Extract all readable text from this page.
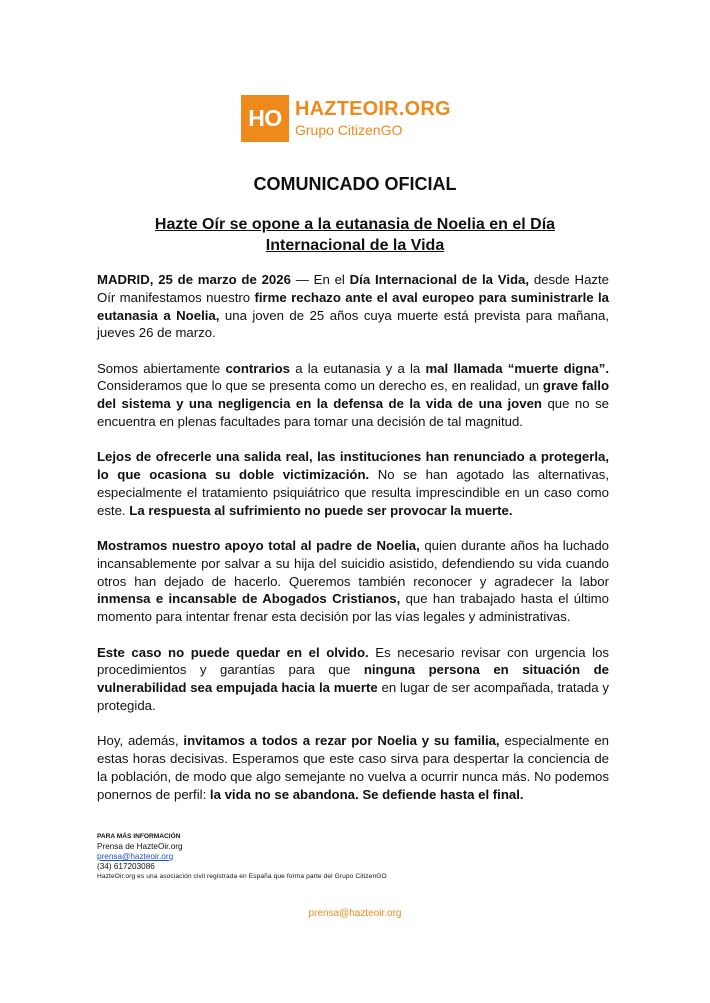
HO HAZTEOIR.ORG
Grupo CitizenGO
COMUNICADO OFICIAL
Hazte Oír se opone a la eutanasia de Noelia en el Día Internacional de la Vida

MADRID, 25 de marzo de 2026 — En el Día Internacional de la Vida, desde Hazte Oír manifestamos nuestro firme rechazo ante el aval europeo para suministrarle la eutanasia a Noelia, una joven de 25 años cuya muerte está prevista para mañana, jueves 26 de marzo.

Somos abiertamente contrarios a la eutanasia y a la mal llamada “muerte digna”. Consideramos que lo que se presenta como un derecho es, en realidad, un grave fallo del sistema y una negligencia en la defensa de la vida de una joven que no se encuentra en plenas facultades para tomar una decisión de tal magnitud.

Lejos de ofrecerle una salida real, las instituciones han renunciado a protegerla, lo que ocasiona su doble victimización. No se han agotado las alternativas, especialmente el tratamiento psiquiátrico que resulta imprescindible en un caso como este. La respuesta al sufrimiento no puede ser provocar la muerte.

Mostramos nuestro apoyo total al padre de Noelia, quien durante años ha luchado incansablemente por salvar a su hija del suicidio asistido, defendiendo su vida cuando otros han dejado de hacerlo. Queremos también reconocer y agradecer la labor inmensa e incansable de Abogados Cristianos, que han trabajado hasta el último momento para intentar frenar esta decisión por las vías legales y administrativas.

Este caso no puede quedar en el olvido. Es necesario revisar con urgencia los procedimientos y garantías para que ninguna persona en situación de vulnerabilidad sea empujada hacia la muerte en lugar de ser acompañada, tratada y protegida.

Hoy, además, invitamos a todos a rezar por Noelia y su familia, especialmente en estas horas decisivas. Esperamos que este caso sirva para despertar la conciencia de la población, de modo que algo semejante no vuelva a ocurrir nunca más. No podemos ponernos de perfil: la vida no se abandona. Se defiende hasta el final.

PARA MÁS INFORMACIÓN
Prensa de HazteOir.org
prensa@hazteoir.org
(34) 617203086
HazteOir.org es una asociación civil registrada en España que forma parte del Grupo CitizenGO
prensa@hazteoir.org
